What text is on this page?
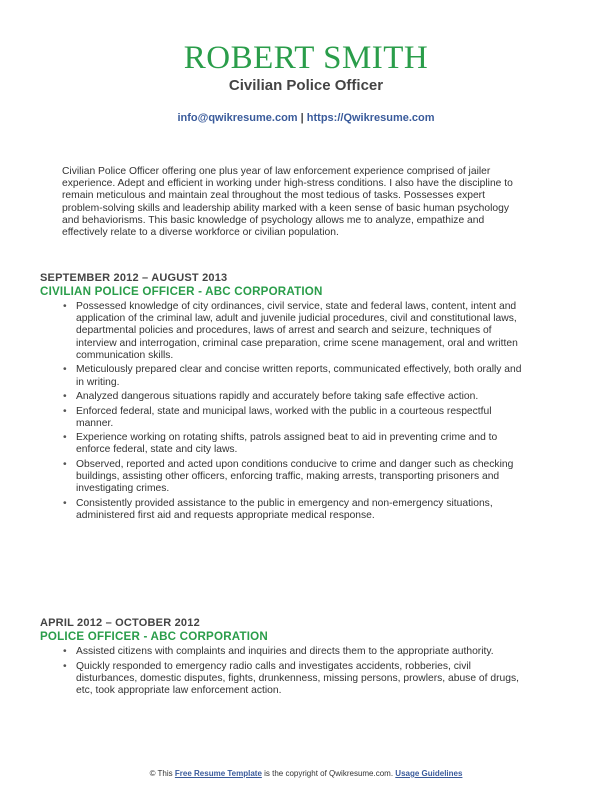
ROBERT SMITH
Civilian Police Officer
info@qwikresume.com | https://Qwikresume.com
Civilian Police Officer offering one plus year of law enforcement experience comprised of jailer experience. Adept and efficient in working under high-stress conditions. I also have the discipline to remain meticulous and maintain zeal throughout the most tedious of tasks. Possesses expert problem-solving skills and leadership ability marked with a keen sense of basic human psychology and behaviorisms. This basic knowledge of psychology allows me to analyze, empathize and effectively relate to a diverse workforce or civilian population.
SEPTEMBER 2012 – AUGUST 2013
CIVILIAN POLICE OFFICER - ABC CORPORATION
• Possessed knowledge of city ordinances, civil service, state and federal laws, content, intent and application of the criminal law, adult and juvenile judicial procedures, civil and constitutional laws, departmental policies and procedures, laws of arrest and search and seizure, techniques of interview and interrogation, criminal case preparation, crime scene management, oral and written communication skills.
• Meticulously prepared clear and concise written reports, communicated effectively, both orally and in writing.
• Analyzed dangerous situations rapidly and accurately before taking safe effective action.
• Enforced federal, state and municipal laws, worked with the public in a courteous respectful manner.
• Experience working on rotating shifts, patrols assigned beat to aid in preventing crime and to enforce federal, state and city laws.
• Observed, reported and acted upon conditions conducive to crime and danger such as checking buildings, assisting other officers, enforcing traffic, making arrests, transporting prisoners and investigating crimes.
• Consistently provided assistance to the public in emergency and non-emergency situations, administered first aid and requests appropriate medical response.
APRIL 2012 – OCTOBER 2012
POLICE OFFICER - ABC CORPORATION
• Assisted citizens with complaints and inquiries and directs them to the appropriate authority.
• Quickly responded to emergency radio calls and investigates accidents, robberies, civil disturbances, domestic disputes, fights, drunkenness, missing persons, prowlers, abuse of drugs, etc, took appropriate law enforcement action.
© This Free Resume Template is the copyright of Qwikresume.com. Usage Guidelines
